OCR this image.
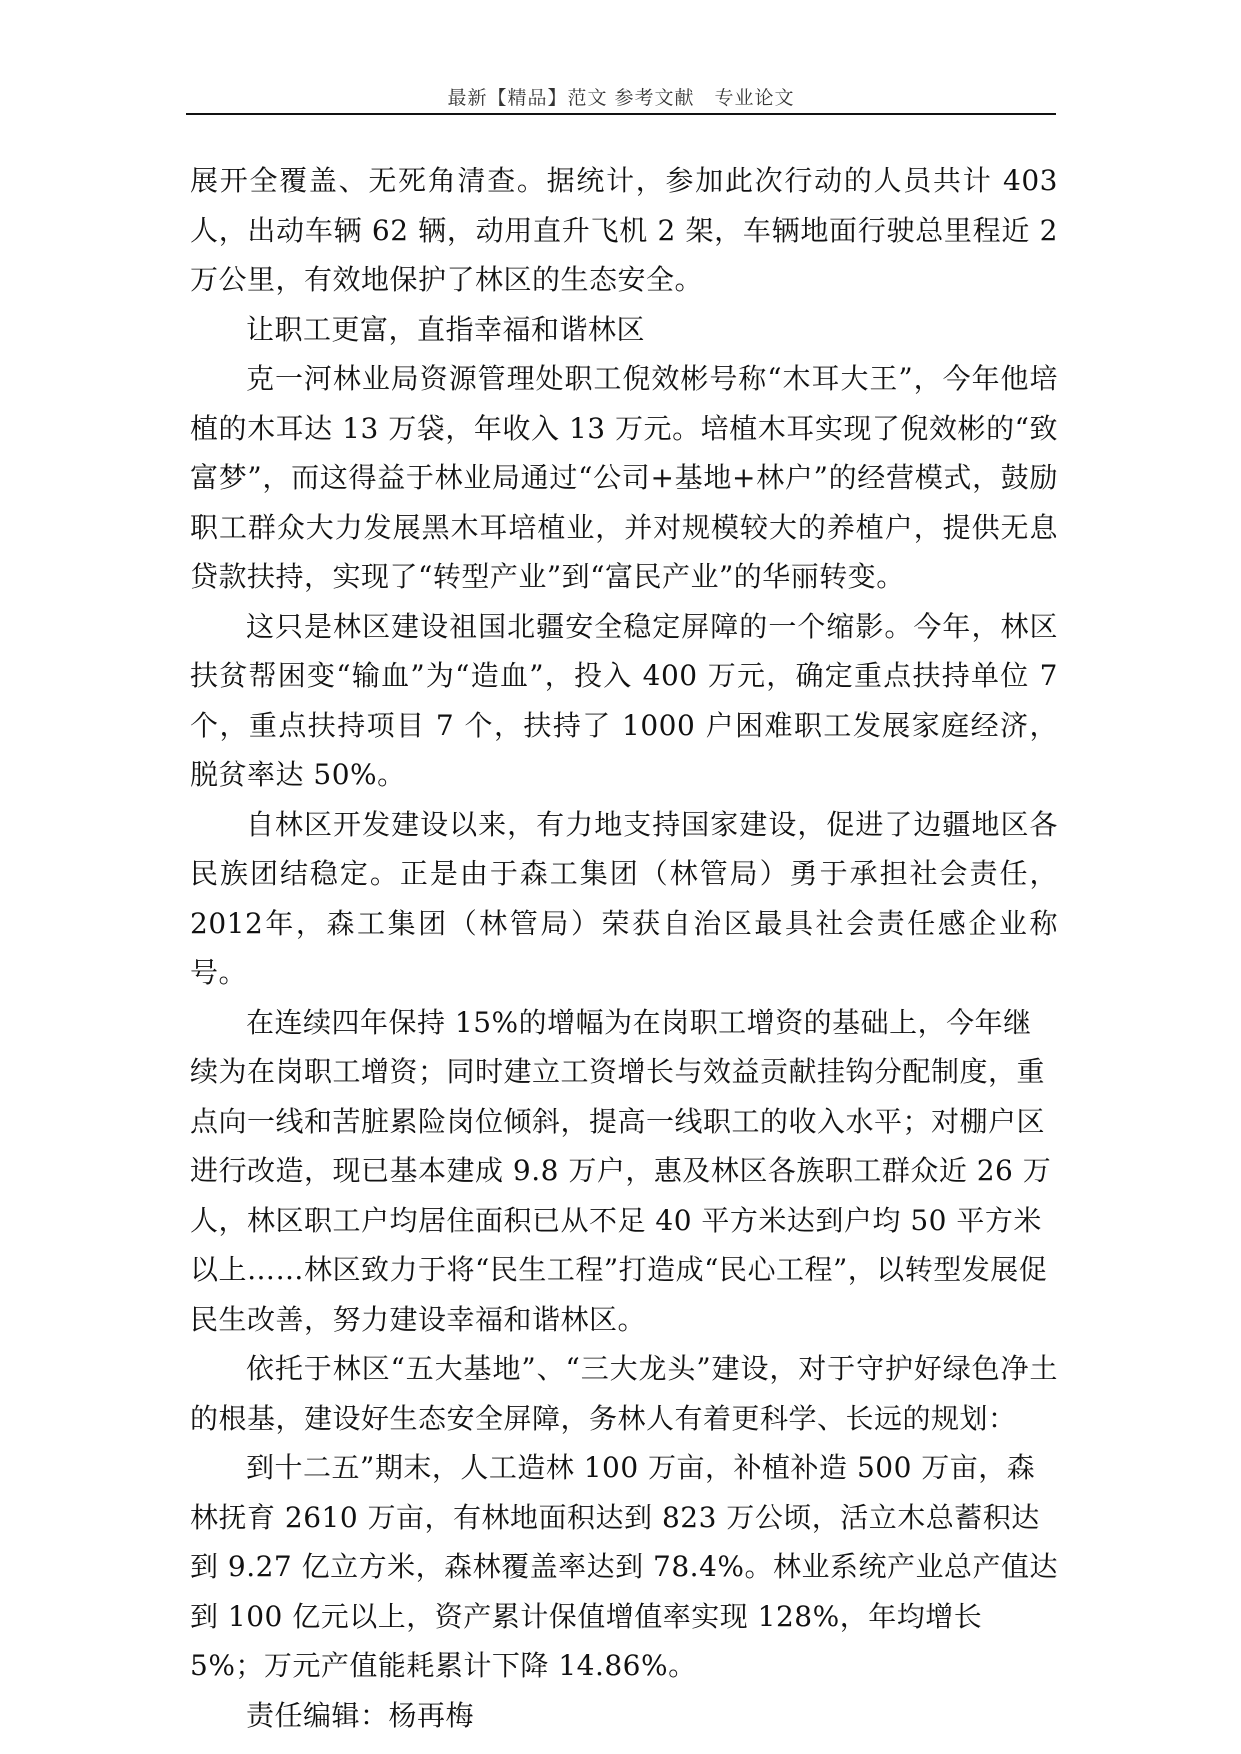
最新【精品】范文 参考文献　专业论文

展开全覆盖、无死角清查。据统计，参加此次行动的人员共计 403 人，出动车辆 62 辆，动用直升飞机 2 架，车辆地面行驶总里程近 2 万公里，有效地保护了林区的生态安全。

让职工更富，直指幸福和谐林区

克一河林业局资源管理处职工倪效彬号称“木耳大王”，今年他培植的木耳达 13 万袋，年收入 13 万元。培植木耳实现了倪效彬的“致富梦”，而这得益于林业局通过“公司+基地+林户”的经营模式，鼓励职工群众大力发展黑木耳培植业，并对规模较大的养植户，提供无息贷款扶持，实现了“转型产业”到“富民产业”的华丽转变。

这只是林区建设祖国北疆安全稳定屏障的一个缩影。今年，林区扶贫帮困变“输血”为“造血”，投入 400 万元，确定重点扶持单位 7 个，重点扶持项目 7 个，扶持了 1000 户困难职工发展家庭经济，脱贫率达 50%。

自林区开发建设以来，有力地支持国家建设，促进了边疆地区各民族团结稳定。正是由于森工集团（林管局）勇于承担社会责任，2012年，森工集团（林管局）荣获自治区最具社会责任感企业称号。

在连续四年保持 15%的增幅为在岗职工增资的基础上，今年继续为在岗职工增资；同时建立工资增长与效益贡献挂钩分配制度，重点向一线和苦脏累险岗位倾斜，提高一线职工的收入水平；对棚户区进行改造，现已基本建成 9.8 万户，惠及林区各族职工群众近 26 万人，林区职工户均居住面积已从不足 40 平方米达到户均 50 平方米以上……林区致力于将“民生工程”打造成“民心工程”，以转型发展促民生改善，努力建设幸福和谐林区。

依托于林区“五大基地”、“三大龙头”建设，对于守护好绿色净土的根基，建设好生态安全屏障，务林人有着更科学、长远的规划：

到十二五”期末，人工造林 100 万亩，补植补造 500 万亩，森林抚育 2610 万亩，有林地面积达到 823 万公顷，活立木总蓄积达到 9.27 亿立方米，森林覆盖率达到 78.4%。林业系统产业总产值达到 100 亿元以上，资产累计保值增值率实现 128%，年均增长 5%；万元产值能耗累计下降 14.86%。

责任编辑：杨再梅
